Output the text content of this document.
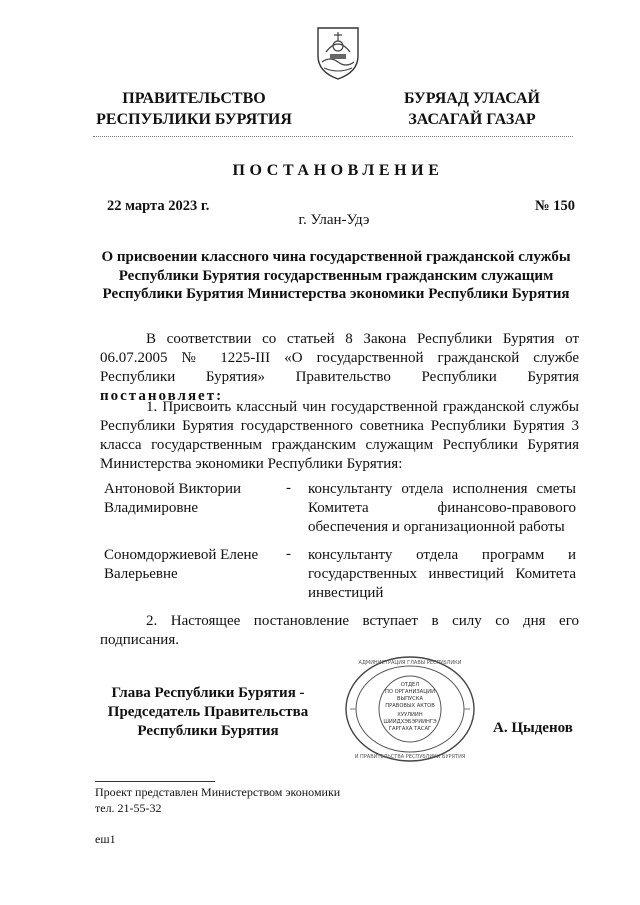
ПРАВИТЕЛЬСТВО
РЕСПУБЛИКИ БУРЯТИЯ
БУРЯАД УЛАСАЙ
ЗАСАГАЙ ГАЗАР
ПОСТАНОВЛЕНИЕ
22 марта 2023 г.	№ 150
г. Улан-Удэ
О присвоении классного чина государственной гражданской службы Республики Бурятия государственным гражданским служащим Республики Бурятия Министерства экономики Республики Бурятия
В соответствии со статьей 8 Закона Республики Бурятия от 06.07.2005 № 1225-III «О государственной гражданской службе Республики Бурятия» Правительство Республики Бурятия постановляет:
1. Присвоить классный чин государственной гражданской службы Республики Бурятия государственного советника Республики Бурятия 3 класса государственным гражданским служащим Республики Бурятия Министерства экономики Республики Бурятия:
Антоновой Виктории Владимировне
- консультанту отдела исполнения сметы Комитета финансово-правового обеспечения и организационной работы
Сономдоржиевой Елене Валерьевне
- консультанту отдела программ и государственных инвестиций Комитета инвестиций
2. Настоящее постановление вступает в силу со дня его подписания.
Глава Республики Бурятия - Председатель Правительства Республики Бурятия
АДМИНИСТРАЦИЯ ГЛАВЫ РЕСПУБЛИКИ
И ПРАВИТЕЛЬСТВА РЕСПУБЛИКИ БУРЯТИЯ
ОТДЕЛ
ПО ОРГАНИЗАЦИИ
ВЫПУСКА
ПРАВОВЫХ АКТОВ
ХУУЛИИН
ШИИДХЭБЭРИИНГЭ
ГАРГАХА ТАСАГ	А. Цыденов
Проект представлен Министерством экономики
тел. 21-55-32
еш1
